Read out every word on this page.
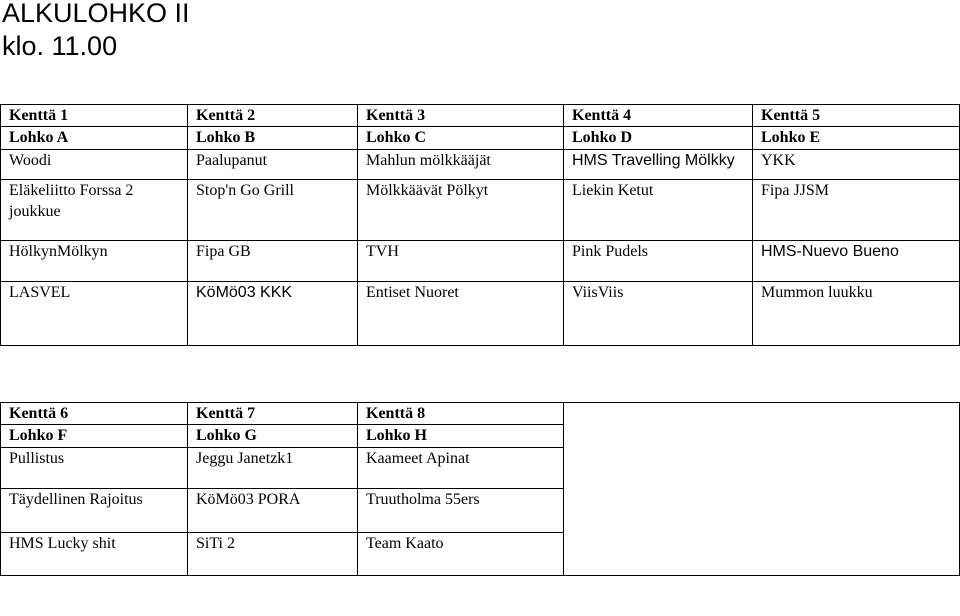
ALKULOHKO II
klo. 11.00
Kenttä 1	Kenttä 2	Kenttä 3	Kenttä 4	Kenttä 5
Lohko A	Lohko B	Lohko C	Lohko D	Lohko E
Woodi	Paalupanut	Mahlun mölkkääjät	HMS Travelling Mölkky	YKK
Eläkeliitto Forssa 2 joukkue	Stop'n Go Grill	Mölkkäävät Pölkyt	Liekin Ketut	Fipa JJSM
HölkynMölkyn	Fipa GB	TVH	Pink Pudels	HMS-Nuevo Bueno
LASVEL	KöMö03 KKK	Entiset Nuoret	ViisViis	Mummon luukku
Kenttä 6	Kenttä 7	Kenttä 8	
Lohko F	Lohko G	Lohko H	
Pullistus	Jeggu Janetzk1	Kaameet Apinat	
Täydellinen Rajoitus	KöMö03 PORA	Truutholma 55ers	
HMS Lucky shit	SiTi 2	Team Kaato	
